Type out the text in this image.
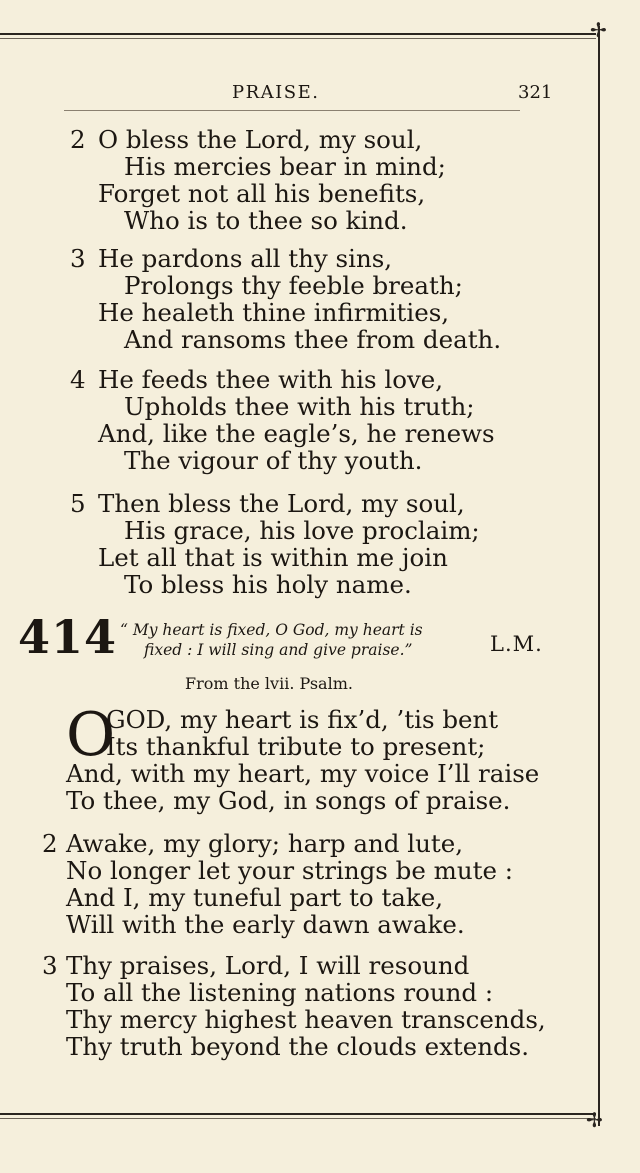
✢
✢
PRAISE.	321
2 O bless the Lord, my soul,
His mercies bear in mind;
Forget not all his benefits,
Who is to thee so kind.
3 He pardons all thy sins,
Prolongs thy feeble breath;
He healeth thine infirmities,
And ransoms thee from death.
4 He feeds thee with his love,
Upholds thee with his truth;
And, like the eagle’s, he renews
The vigour of thy youth.
5 Then bless the Lord, my soul,
His grace, his love proclaim;
Let all that is within me join
To bless his holy name.
414 “ My heart is fixed, O God, my heart is
fixed : I will sing and give praise.”	L.M.
From the lvii. Psalm.
O
GOD, my heart is fix’d, ’tis bent
Its thankful tribute to present;
And, with my heart, my voice I’ll raise
To thee, my God, in songs of praise.
2 Awake, my glory; harp and lute,
No longer let your strings be mute :
And I, my tuneful part to take,
Will with the early dawn awake.
3 Thy praises, Lord, I will resound
To all the listening nations round :
Thy mercy highest heaven transcends,
Thy truth beyond the clouds extends.
